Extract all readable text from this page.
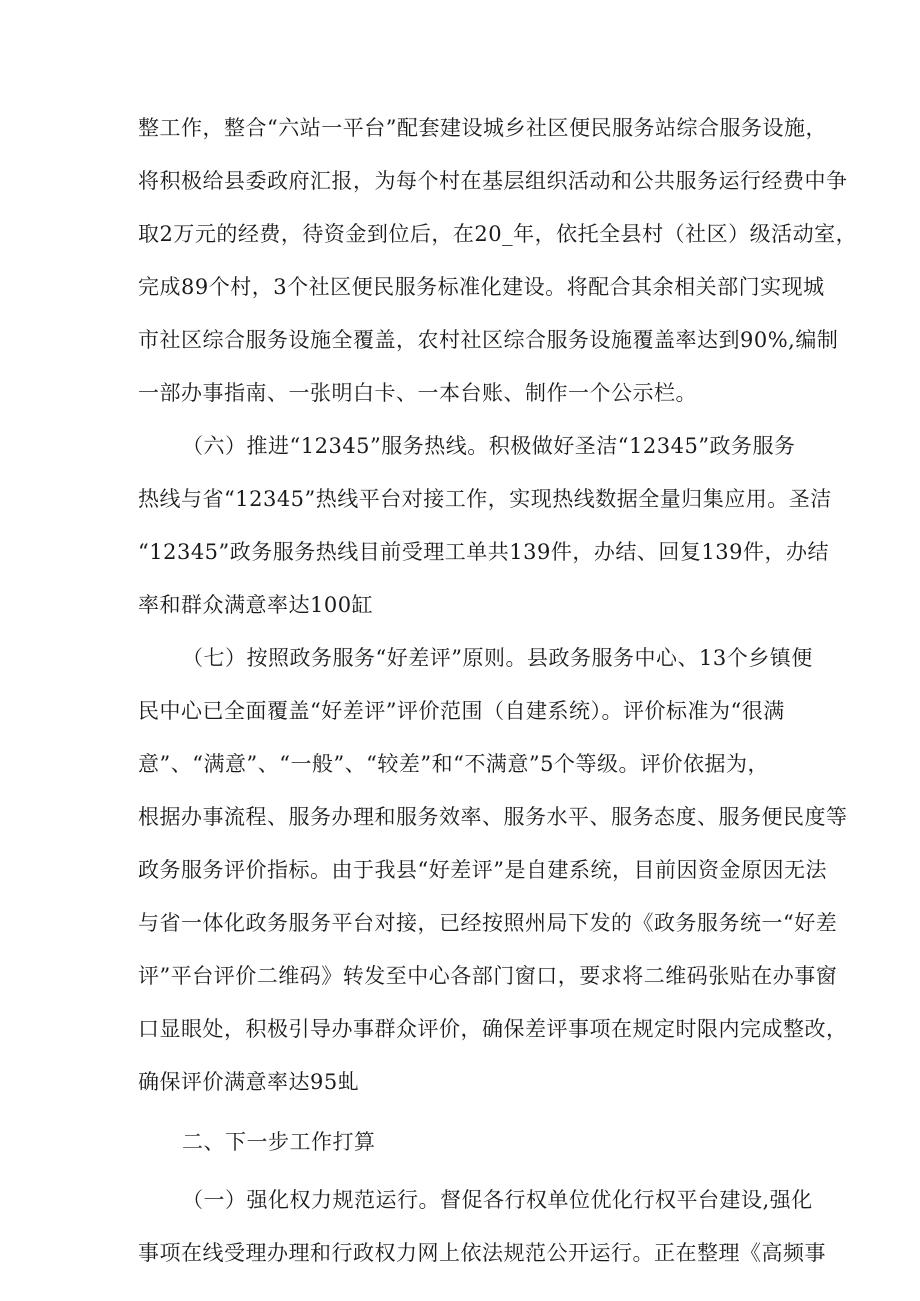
整工作，整合“六站一平台”配套建设城乡社区便民服务站综合服务设施，
将积极给县委政府汇报，为每个村在基层组织活动和公共服务运行经费中争
取2万元的经费，待资金到位后，在20_年，依托全县村（社区）级活动室，
完成89个村，3个社区便民服务标准化建设。将配合其余相关部门实现城
市社区综合服务设施全覆盖，农村社区综合服务设施覆盖率达到90%,编制
一部办事指南、一张明白卡、一本台账、制作一个公示栏。
（六）推进“12345”服务热线。积极做好圣洁“12345”政务服务
热线与省“12345”热线平台对接工作，实现热线数据全量归集应用。圣洁
“12345”政务服务热线目前受理工单共139件，办结、回复139件，办结
率和群众满意率达100缸
（七）按照政务服务“好差评”原则。县政务服务中心、13个乡镇便
民中心已全面覆盖“好差评”评价范围（自建系统）。评价标准为“很满
意”、“满意”、“一般”、“较差”和“不满意”5个等级。评价依据为，
根据办事流程、服务办理和服务效率、服务水平、服务态度、服务便民度等
政务服务评价指标。由于我县“好差评”是自建系统，目前因资金原因无法
与省一体化政务服务平台对接，已经按照州局下发的《政务服务统一“好差
评”平台评价二维码》转发至中心各部门窗口，要求将二维码张贴在办事窗
口显眼处，积极引导办事群众评价，确保差评事项在规定时限内完成整改，
确保评价满意率达95虬
二、下一步工作打算
（一）强化权力规范运行。督促各行权单位优化行权平台建设,强化
事项在线受理办理和行政权力网上依法规范公开运行。正在整理《高频事
